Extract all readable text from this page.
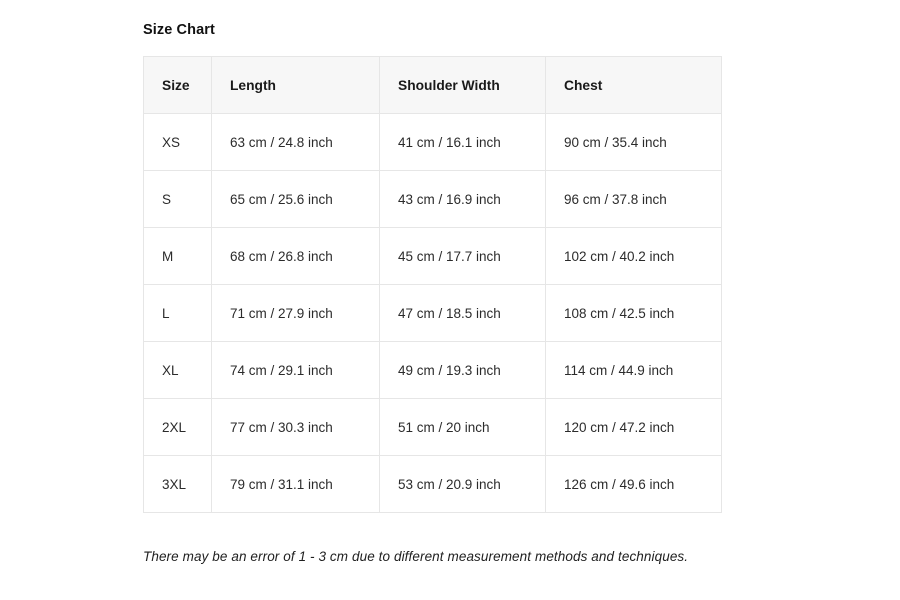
Size Chart
Size	Length	Shoulder Width	Chest
XS	63 cm / 24.8 inch	41 cm / 16.1 inch	90 cm / 35.4 inch
S	65 cm / 25.6 inch	43 cm / 16.9 inch	96 cm / 37.8 inch
M	68 cm / 26.8 inch	45 cm / 17.7 inch	102 cm / 40.2 inch
L	71 cm / 27.9 inch	47 cm / 18.5 inch	108 cm / 42.5 inch
XL	74 cm / 29.1 inch	49 cm / 19.3 inch	114 cm / 44.9 inch
2XL	77 cm / 30.3 inch	51 cm / 20 inch	120 cm / 47.2 inch
3XL	79 cm / 31.1 inch	53 cm / 20.9 inch	126 cm / 49.6 inch
There may be an error of 1 - 3 cm due to different measurement methods and techniques.
